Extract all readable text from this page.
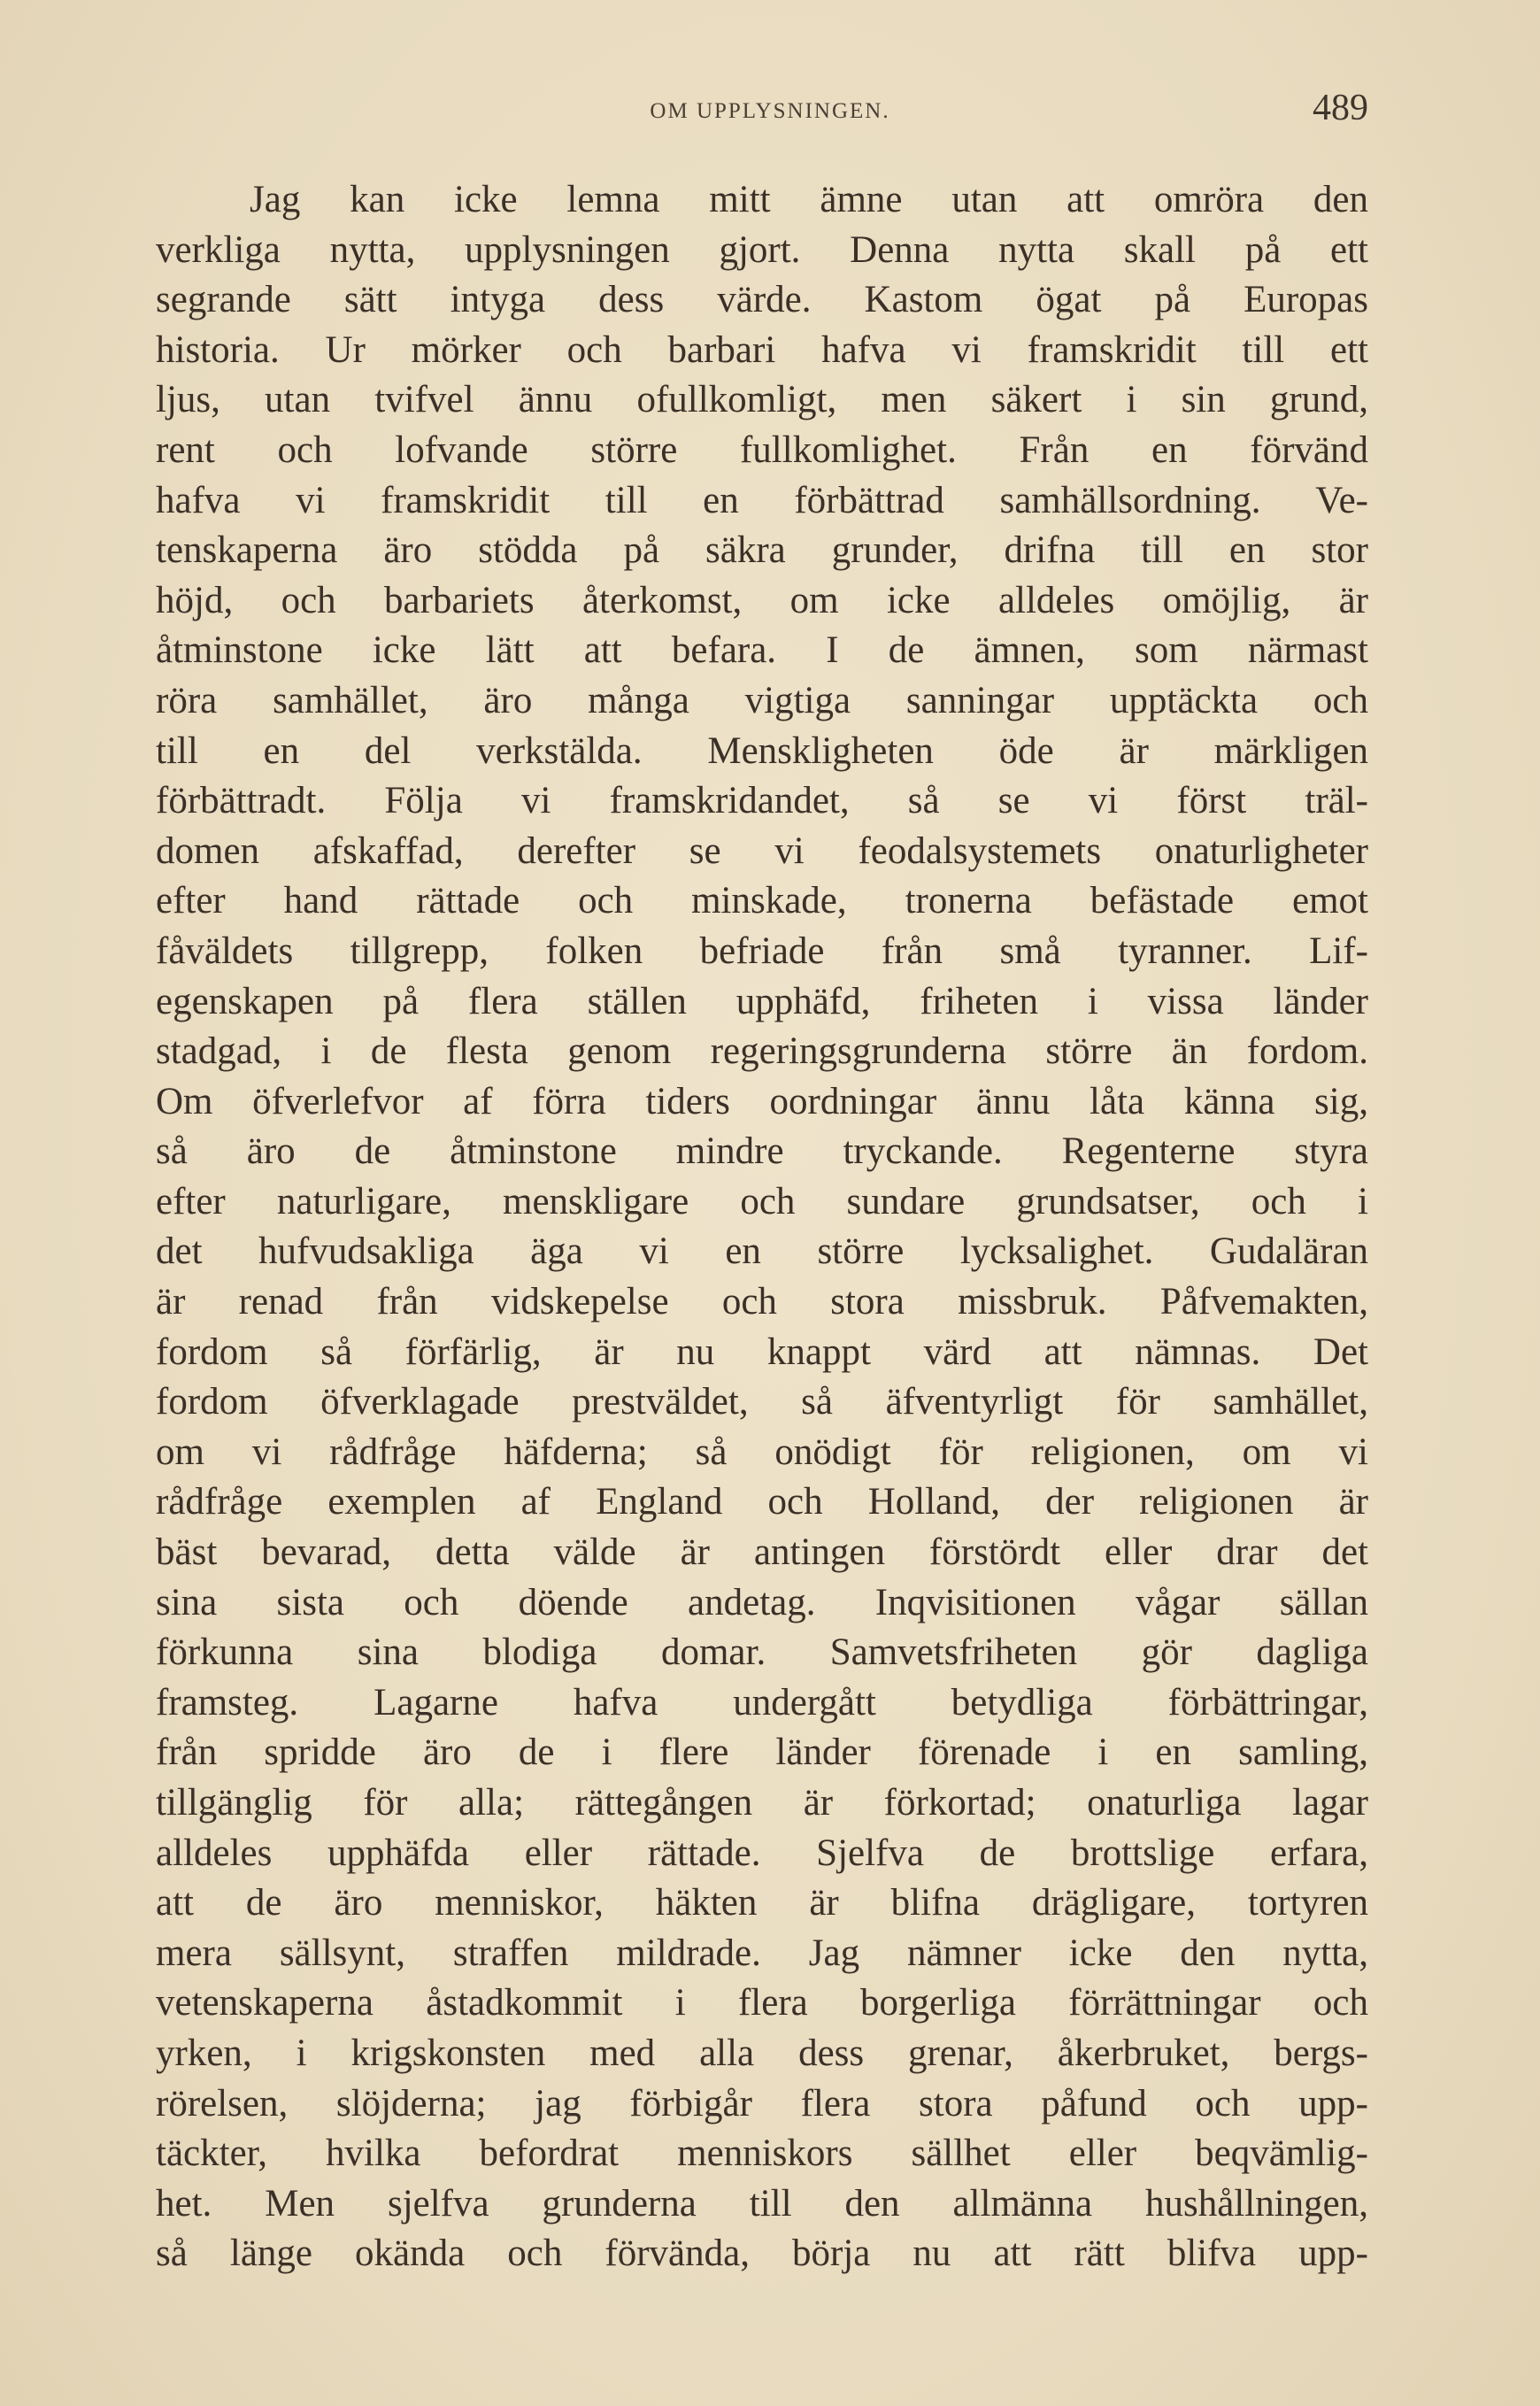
OM UPPLYSNINGEN.	489
Jag kan icke lemna mitt ämne utan att omröra den
verkliga nytta, upplysningen gjort. Denna nytta skall på ett
segrande sätt intyga dess värde. Kastom ögat på Europas
historia. Ur mörker och barbari hafva vi framskridit till ett
ljus, utan tvifvel ännu ofullkomligt, men säkert i sin grund,
rent och lofvande större fullkomlighet. Från en förvänd
hafva vi framskridit till en förbättrad samhällsordning. Ve-
tenskaperna äro stödda på säkra grunder, drifna till en stor
höjd, och barbariets återkomst, om icke alldeles omöjlig, är
åtminstone icke lätt att befara. I de ämnen, som närmast
röra samhället, äro många vigtiga sanningar upptäckta och
till en del verkstälda. Menskligheten öde är märkligen
förbättradt. Följa vi framskridandet, så se vi först träl-
domen afskaffad, derefter se vi feodalsystemets onaturligheter
efter hand rättade och minskade, tronerna befästade emot
fåväldets tillgrepp, folken befriade från små tyranner. Lif-
egenskapen på flera ställen upphäfd, friheten i vissa länder
stadgad, i de flesta genom regeringsgrunderna större än fordom.
Om öfverlefvor af förra tiders oordningar ännu låta känna sig,
så äro de åtminstone mindre tryckande. Regenterne styra
efter naturligare, menskligare och sundare grundsatser, och i
det hufvudsakliga äga vi en större lycksalighet. Gudaläran
är renad från vidskepelse och stora missbruk. Påfvemakten,
fordom så förfärlig, är nu knappt värd att nämnas. Det
fordom öfverklagade prestväldet, så äfventyrligt för samhället,
om vi rådfråge häfderna; så onödigt för religionen, om vi
rådfråge exemplen af England och Holland, der religionen är
bäst bevarad, detta välde är antingen förstördt eller drar det
sina sista och döende andetag. Inqvisitionen vågar sällan
förkunna sina blodiga domar. Samvetsfriheten gör dagliga
framsteg. Lagarne hafva undergått betydliga förbättringar,
från spridde äro de i flere länder förenade i en samling,
tillgänglig för alla; rättegången är förkortad; onaturliga lagar
alldeles upphäfda eller rättade. Sjelfva de brottslige erfara,
att de äro menniskor, häkten är blifna drägligare, tortyren
mera sällsynt, straffen mildrade. Jag nämner icke den nytta,
vetenskaperna åstadkommit i flera borgerliga förrättningar och
yrken, i krigskonsten med alla dess grenar, åkerbruket, bergs-
rörelsen, slöjderna; jag förbigår flera stora påfund och upp-
täckter, hvilka befordrat menniskors sällhet eller beqvämlig-
het. Men sjelfva grunderna till den allmänna hushållningen,
så länge okända och förvända, börja nu att rätt blifva upp-
